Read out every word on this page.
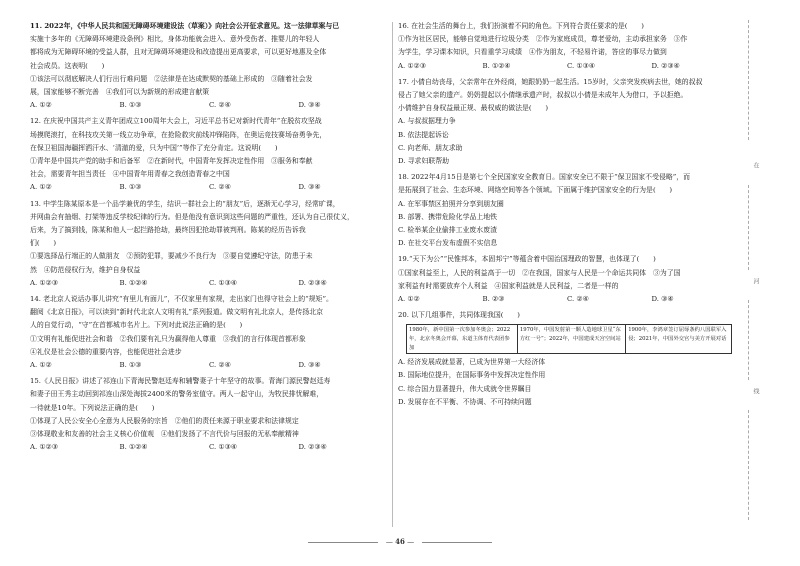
11. 2022年，《中华人民共和国无障碍环境建设法（草案）》向社会公开征求意见。这一法律草案与已
实施十多年的《无障碍环境建设条例》相比，身体功能就会进入、意外受伤者、推婴儿的年轻人
都将成为无障碍环境的受益人群，且对无障碍环境建设和改造提出更高要求，可以更好地惠及全体
社会成员。这表明(　　)
①该法可以彻底解决人们行出行难问题　②法律是在达成默契的基础上形成的　③随着社会发
展，国家能够不断完善　④我们可以为新规的形成建言献策
A. ①②	B. ①③	C. ②④	D. ③④
12. 在庆祝中国共产主义青年团成立100周年大会上，习近平总书记对新时代青年“在脱贫攻坚战
场摸爬滚打，在科技攻关第一线立功争章，在抢险救灾前线冲锋陷阵，在奥运竞技赛场奋勇争先，
在保卫祖国海疆挥洒汗水、‘清澈的爱，只为中国’”等作了充分肯定。这说明(　　)
①青年是中国共产党的助手和后备军　②在新时代，中国青年发挥决定性作用　③服务和奉献
社会，需要青年担当责任　④中国青年用青春之我创造青春之中国
A. ①②	B. ①③	C. ②④	D. ③④
13. 中学生陈某原本是一个品学兼优的学生，结识一群社会上的“朋友”后，逐渐无心学习，经常旷课，
并网曲会有抽烟、打架等违反学校纪律的行为。但是他没有意识到这些问题的严重性，还认为自己很仗义，
后来，为了搞到钱，陈某和他人一起拦路抢劫，最终因犯抢劫罪被判刑。陈某的经历告诉我
们(　　)
①要选择品行端正的人做朋友　②预防犯罪，要减少不良行为　③要自觉遵纪守法，防患于未
然　④防范侵权行为，维护自身权益
A. ①②③	B. ①②④	C. ①③④	D. ②③④
14. 老北京人说话办事儿讲究“有里儿有面儿”，不仅家里有家规，走出家门也得守社会上的“规矩”。
翻阅《北京日报》，可以读到“新时代北京人文明有礼”系列报道。做文明有礼北京人，是传扬北京
人的自觉行动，“守”在首都城市名片上。下列对此说法正确的是(　　)
①文明有礼能促进社会和谐　②我们要有礼只为赢得他人尊重　③我们的言行体现首都形象
④礼仪是社会公德的重要内容，也能促进社会进步
A. ①②	B. ①③	C. ②④	D. ③④
15.《人民日报》讲述了祁连山下青海民警赵廷寿和辅警妻子十年坚守的故事。青海门源民警赵廷寿
和妻子田王秀主动回到祁连山深处海拔2400米的警务室值守。两人一起守山，为牧民排忧解难，
一待就是10年。下列说法正确的是(　　)
①体现了人民公安全心全意为人民服务的宗旨　②他们的责任来源于职业要求和法律规定
③体现敬业和友善的社会主义核心价值观　④他们发扬了不言代价与回报的无私奉献精神
A. ①②③	B. ①②④	C. ①③④	D. ②③④
16. 在社会生活的舞台上，我们扮演着不同的角色。下列符合责任要求的是(　　)
①作为社区居民，能够自觉地进行垃圾分类　②作为家庭成员，尊老爱幼，主动承担家务　③作
为学生，学习课本知识，只看重学习成绩　④作为朋友，不轻易许诺，答应的事尽力做到
A. ①②③	B. ①②④	C. ①③④	D. ②③④
17. 小倩自幼丧母，父亲常年在外经商，她跟奶奶一起生活。15岁时，父亲突发疾病去世，她的叔叔
侵占了她父亲的遗产。奶奶提起以小倩继承遗产时，叔叔以小倩是未成年人为借口，予以拒绝。
小倩维护自身权益最正规、最权威的做法是(　　)
A. 与叔叔据理力争
B. 依法提起诉讼
C. 向老师、朋友求助
D. 寻求妇联帮助
18. 2022年4月15日是第七个全民国家安全教育日。国家安全已不限于“保卫国家不受侵略”，而
是拓展到了社会、生态环境、网络空间等各个领域。下面属于维护国家安全的行为是(　　)
A. 在军事禁区拍照并分享到朋友圈
B. 部署、携带危险化学品上地铁
C. 检举某企业偷排工业废水废渣
D. 在社交平台发布虚假不实信息
19.“天下为公”“民惟邦本，本固邦宁”等蕴含着中国治国理政的智慧，也体现了(　　)
①国家利益至上，人民的利益高于一切　②在我国，国家与人民是一个命运共同体　③为了国
家利益有时需要放弃个人利益　④国家利益就是人民利益，二者是一样的
A. ①②	B. ②③	C. ②④	D. ③④
20. 以下几组事件，共同体现我国(　　)
1980年，新中国第一次参加冬奥会；2022年，北京冬奥会开幕，东道主体育代表团参加	1970年，中国发射第一颗人造地球卫星“东方红一号”；2022年，中国建成天宫空间站	1900年，李鸿章签订屈辱条约八国联军入侵；2021年，中国外交官与美方开展对话
A. 经济发展成就显著，已成为世界第一大经济体
B. 国际地位提升，在国际事务中发挥决定性作用
C. 综合国力显著提升，伟大成就令世界瞩目
D. 发展存在不平衡、不协调、不可持续问题
在
河
线
— 46 —
